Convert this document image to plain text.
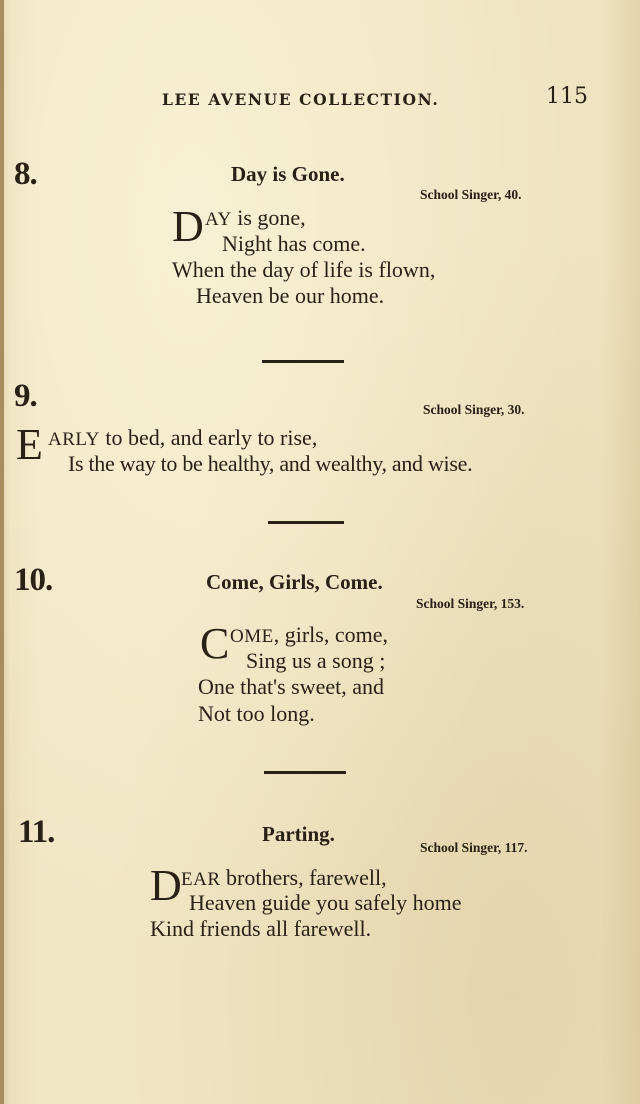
LEE AVENUE COLLECTION.	115
8.	Day is Gone.
School Singer, 40.
D AY is gone,
Night has come.
When the day of life is flown,
Heaven be our home.
9.	School Singer, 30.
E ARLY to bed, and early to rise,
Is the way to be healthy, and wealthy, and wise.
10.	Come, Girls, Come.
School Singer, 153.
C OME, girls, come,
Sing us a song ;
One that's sweet, and
Not too long.
11.	Parting.
School Singer, 117.
D EAR brothers, farewell,
Heaven guide you safely home
Kind friends all farewell.
